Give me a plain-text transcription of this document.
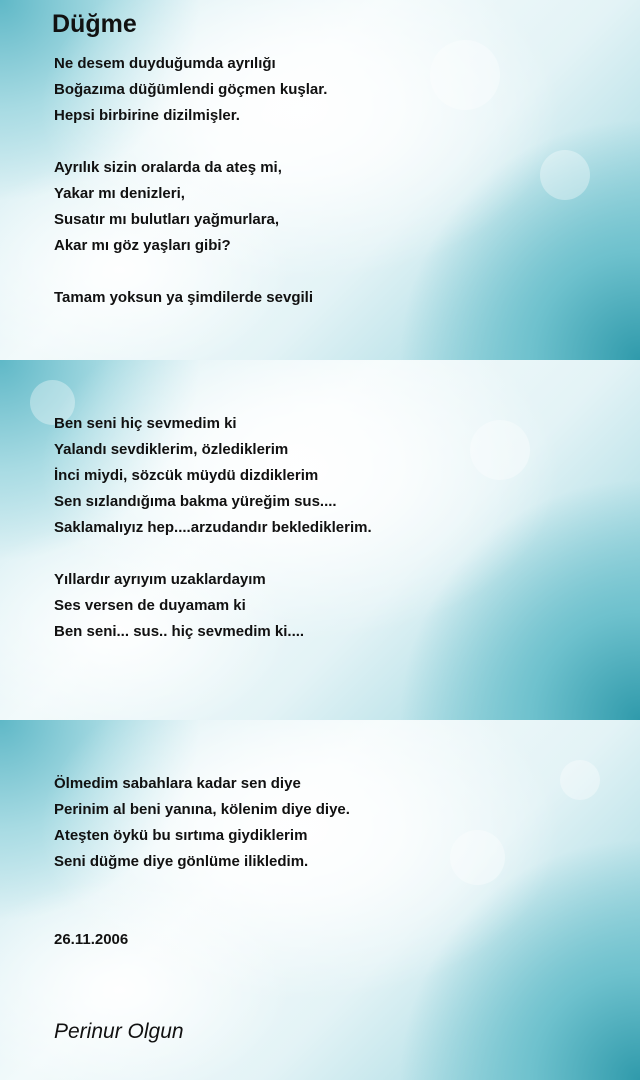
Düğme
Ne desem duyduğumda ayrılığı
Boğazıma düğümlendi göçmen kuşlar.
Hepsi birbirine dizilmişler.
Ayrılık sizin oralarda da ateş mi,
Yakar mı denizleri,
Susatır mı bulutları yağmurlara,
Akar mı göz yaşları gibi?
Tamam yoksun ya şimdilerde sevgili
Ben seni hiç sevmedim ki
Yalandı sevdiklerim, özlediklerim
İnci miydi, sözcük müydü dizdiklerim
Sen sızlandığıma bakma yüreğim sus....
Saklamalıyız hep....arzudandır beklediklerim.
Yıllardır ayrıyım uzaklardayım
Ses versen de duyamam ki
Ben seni... sus.. hiç sevmedim ki....
Ölmedim sabahlara kadar sen diye
Perinim al beni yanına, kölenim diye diye.
Ateşten öykü bu sırtıma giydiklerim
Seni düğme diye gönlüme ilikledim.
26.11.2006
Perinur Olgun
